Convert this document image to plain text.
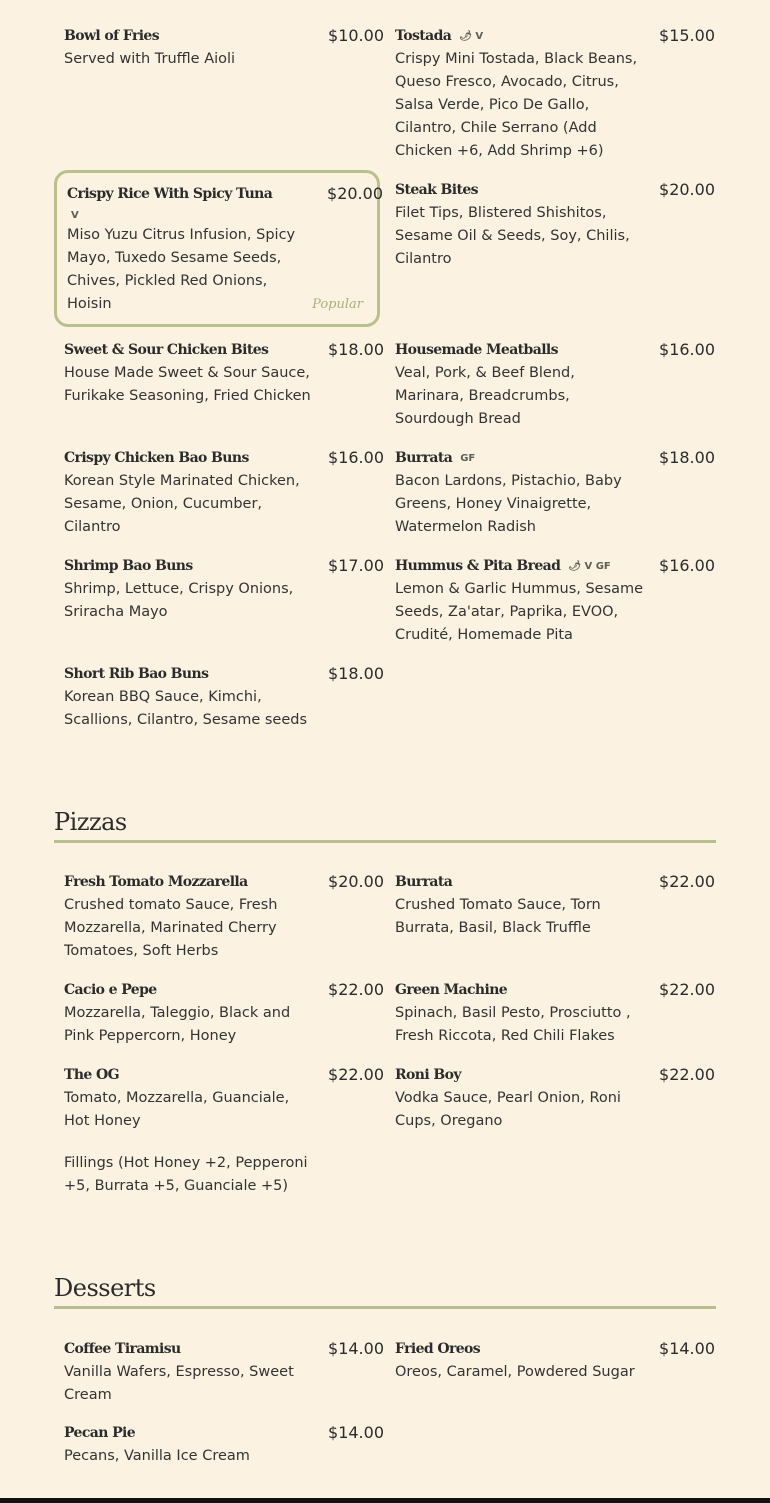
Popular
Bowl of Fries	$10.00
Served with Truffle Aioli
Crispy Rice With Spicy Tuna	$20.00
V
Miso Yuzu Citrus Infusion, Spicy Mayo, Tuxedo Sesame Seeds, Chives, Pickled Red Onions, Hoisin
Sweet & Sour Chicken Bites	$18.00
House Made Sweet & Sour Sauce, Furikake Seasoning, Fried Chicken
Crispy Chicken Bao Buns	$16.00
Korean Style Marinated Chicken, Sesame, Onion, Cucumber, Cilantro
Shrimp Bao Buns	$17.00
Shrimp, Lettuce, Crispy Onions, Sriracha Mayo
Short Rib Bao Buns	$18.00
Korean BBQ Sauce, Kimchi, Scallions, Cilantro, Sesame seeds
Tostada 🌶 V	$15.00
Crispy Mini Tostada, Black Beans, Queso Fresco, Avocado, Citrus, Salsa Verde, Pico De Gallo, Cilantro, Chile Serrano (Add Chicken +6, Add Shrimp +6)
Steak Bites	$20.00
Filet Tips, Blistered Shishitos, Sesame Oil & Seeds, Soy, Chilis, Cilantro
Housemade Meatballs	$16.00
Veal, Pork, & Beef Blend, Marinara, Breadcrumbs, Sourdough Bread
Burrata GF	$18.00
Bacon Lardons, Pistachio, Baby Greens, Honey Vinaigrette, Watermelon Radish
Hummus & Pita Bread 🌶 V GF	$16.00
Lemon & Garlic Hummus, Sesame Seeds, Za'atar, Paprika, EVOO, Crudité, Homemade Pita
Pizzas
Fresh Tomato Mozzarella	$20.00
Crushed tomato Sauce, Fresh Mozzarella, Marinated Cherry Tomatoes, Soft Herbs
Cacio e Pepe	$22.00
Mozzarella, Taleggio, Black and Pink Peppercorn, Honey
The OG	$22.00
Tomato, Mozzarella, Guanciale, Hot Honey
Fillings (Hot Honey +2, Pepperoni +5, Burrata +5, Guanciale +5)
Burrata	$22.00
Crushed Tomato Sauce, Torn Burrata, Basil, Black Truffle
Green Machine	$22.00
Spinach, Basil Pesto, Prosciutto , Fresh Riccota, Red Chili Flakes
Roni Boy	$22.00
Vodka Sauce, Pearl Onion, Roni Cups, Oregano
Desserts
Coffee Tiramisu	$14.00
Vanilla Wafers, Espresso, Sweet Cream
Pecan Pie	$14.00
Pecans, Vanilla Ice Cream
Fried Oreos	$14.00
Oreos, Caramel, Powdered Sugar
